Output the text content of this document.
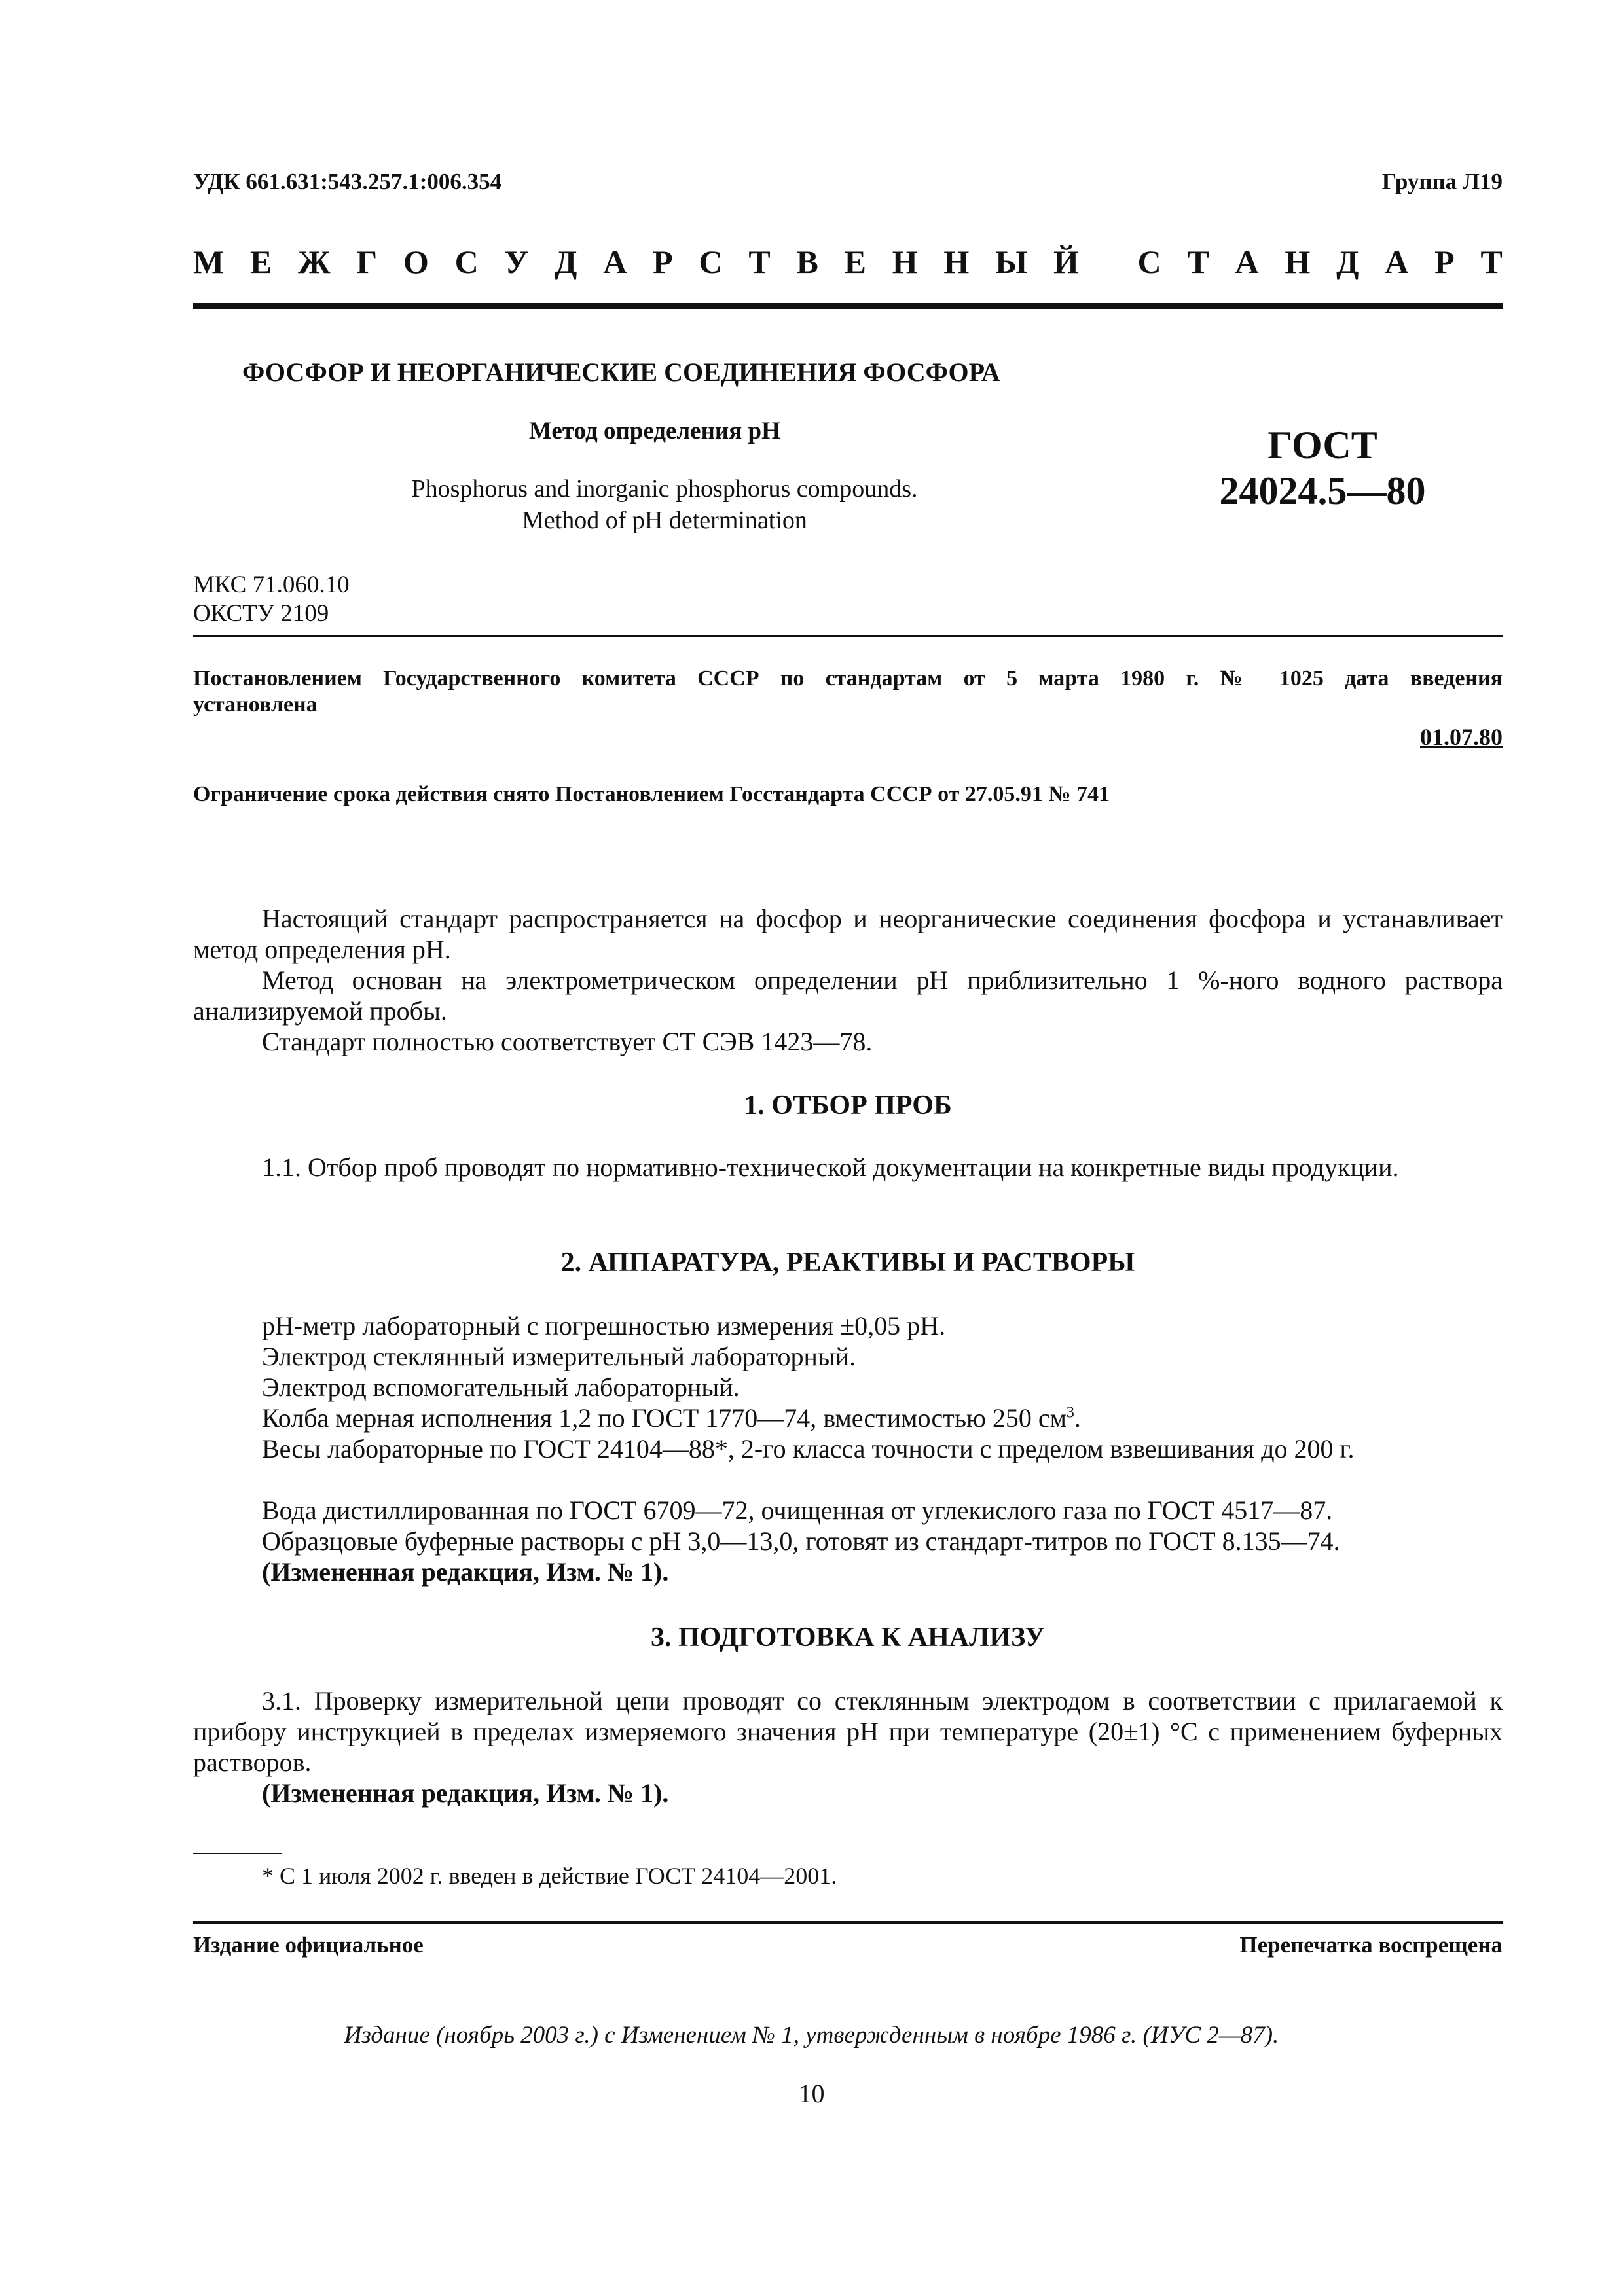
УДК 661.631:543.257.1:006.354	Группа Л19
М Е Ж Г О С У Д А Р С Т В Е Н Н Ы Й С Т А Н Д А Р Т
ФОСФОР И НЕОРГАНИЧЕСКИЕ СОЕДИНЕНИЯ ФОСФОРА
Метод определения pH
Phosphorus and inorganic phosphorus compounds.
Method of pH determination
ГОСТ
24024.5—80
МКС 71.060.10
ОКСТУ 2109
Постановлением Государственного комитета СССР по стандартам от 5 марта 1980 г. № 1025 дата введения
установлена
01.07.80
Ограничение срока действия снято Постановлением Госстандарта СССР от 27.05.91 № 741
Настоящий стандарт распространяется на фосфор и неорганические соединения фосфора и устанавливает метод определения pH.
Метод основан на электрометрическом определении pH приблизительно 1 %-ного водного раствора анализируемой пробы.
Стандарт полностью соответствует СТ СЭВ 1423—78.
1. ОТБОР ПРОБ
1.1. Отбор проб проводят по нормативно-технической документации на конкретные виды продукции.
2. АППАРАТУРА, РЕАКТИВЫ И РАСТВОРЫ
pH-метр лабораторный с погрешностью измерения ±0,05 pH.
Электрод стеклянный измерительный лабораторный.
Электрод вспомогательный лабораторный.
Колба мерная исполнения 1,2 по ГОСТ 1770—74, вместимостью 250 $см^3$.
Весы лабораторные по ГОСТ 24104—88*, 2-го класса точности с пределом взвешивания до 200 г.
Вода дистиллированная по ГОСТ 6709—72, очищенная от углекислого газа по ГОСТ 4517—87.
Образцовые буферные растворы с pH 3,0—13,0, готовят из стандарт-титров по ГОСТ 8.135—74.
(Измененная редакция, Изм. № 1).
3. ПОДГОТОВКА К АНАЛИЗУ
3.1. Проверку измерительной цепи проводят со стеклянным электродом в соответствии с прилагаемой к прибору инструкцией в пределах измеряемого значения pH при температуре (20±1) °С с применением буферных растворов.
(Измененная редакция, Изм. № 1).
* С 1 июля 2002 г. введен в действие ГОСТ 24104—2001.
Издание официальное	Перепечатка воспрещена
Издание (ноябрь 2003 г.) с Изменением № 1, утвержденным в ноябре 1986 г. (ИУС 2—87).
10
